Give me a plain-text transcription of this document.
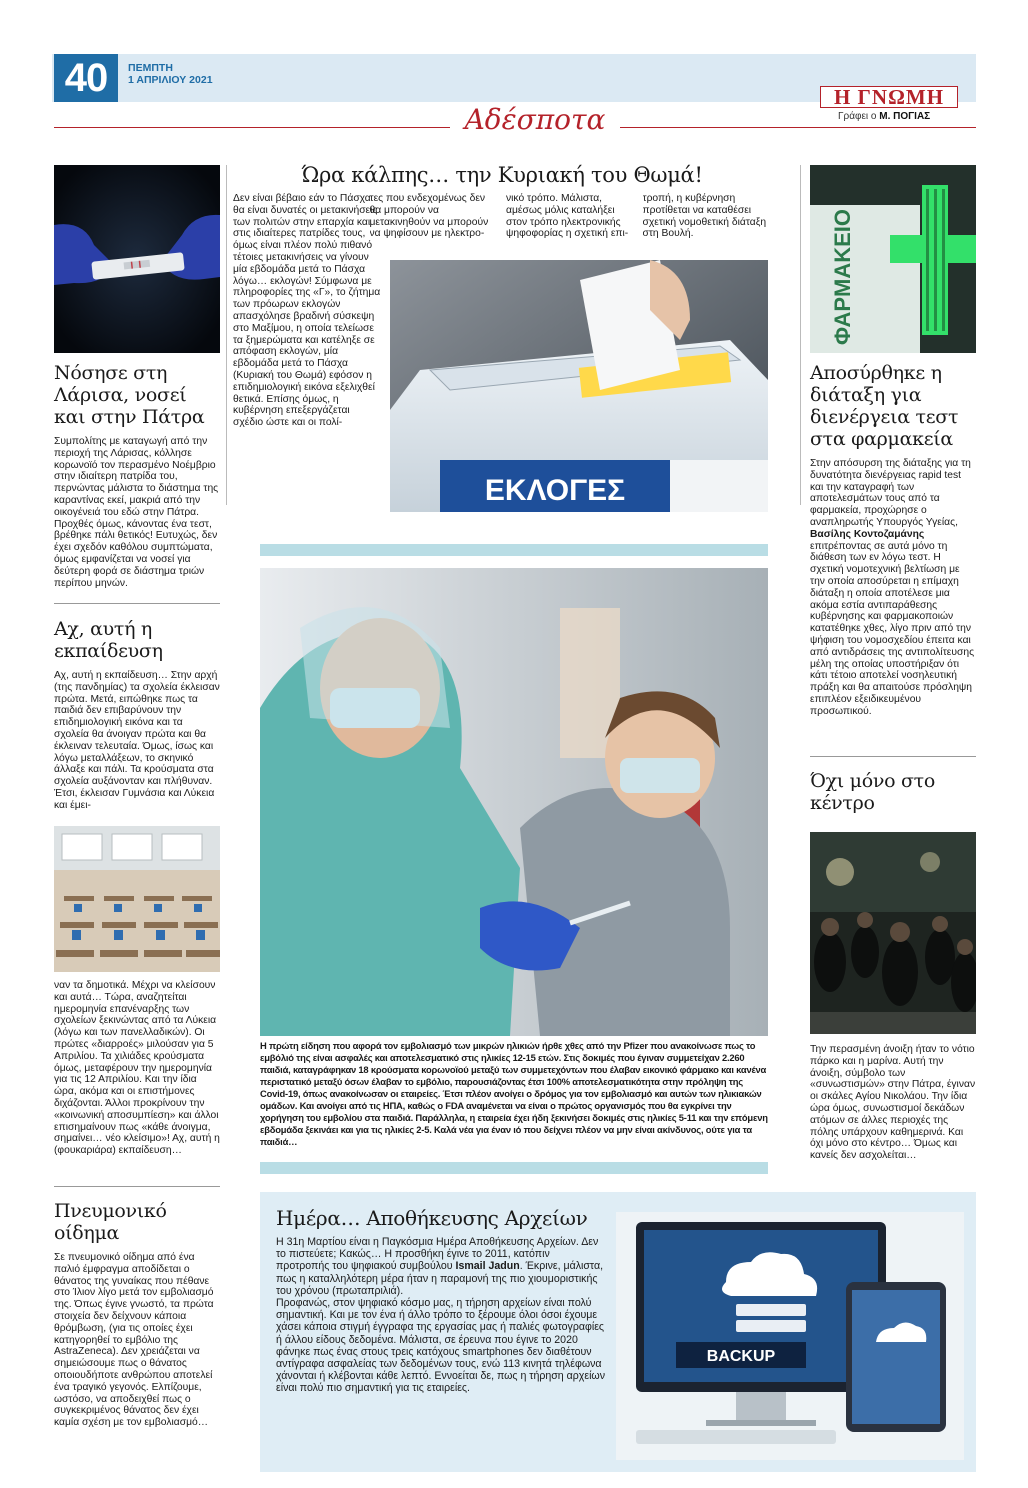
40	ΠΕΜΠΤΗ
1 ΑΠΡΙΛΙΟΥ 2021
Η ΓΝΩΜΗ
Γράφει ο Μ. ΠΟΓΙΑΣ
Αδέσποτα
Νόσησε στη Λάρισα, νοσεί και στην Πάτρα

Συμπολίτης με καταγωγή από την περιοχή της Λάρισας, κόλλησε κορωνοϊό τον περασμένο Νοέμβριο στην ιδιαίτερη πατρίδα του, περνώντας μάλιστα το διάστημα της καραντίνας εκεί, μακριά από την οικογένειά του εδώ στην Πάτρα. Προχθές όμως, κάνοντας ένα τεστ, βρέθηκε πάλι θετικός! Ευτυχώς, δεν έχει σχεδόν καθόλου συμπτώματα, όμως εμφανίζεται να νοσεί για δεύτερη φορά σε διάστημα τριών περίπου μηνών.

Αχ, αυτή η εκπαίδευση

Αχ, αυτή η εκπαίδευση… Στην αρχή (της πανδημίας) τα σχολεία έκλεισαν πρώτα. Μετά, ειπώθηκε πως τα παιδιά δεν επιβαρύνουν την επιδημιολογική εικόνα και τα σχολεία θα άνοιγαν πρώτα και θα έκλειναν τελευταία. Όμως, ίσως και λόγω μεταλλάξεων, το σκηνικό άλλαξε και πάλι. Τα κρούσματα στα σχολεία αυξάνονταν και πλήθυναν. Έτσι, έκλεισαν Γυμνάσια και Λύκεια και έμει-

ναν τα δημοτικά. Μέχρι να κλείσουν και αυτά… Τώρα, αναζητείται ημερομηνία επανέναρξης των σχολείων ξεκινώντας από τα Λύκεια (λόγω και των πανελλαδικών). Οι πρώτες «διαρροές» μιλούσαν για 5 Απριλίου. Τα χιλιάδες κρούσματα όμως, μεταφέρουν την ημερομηνία για τις 12 Απριλίου. Και την ίδια ώρα, ακόμα και οι επιστήμονες διχάζονται. Άλλοι προκρίνουν την «κοινωνική αποσυμπίεση» και άλλοι επισημαίνουν πως «κάθε άνοιγμα, σημαίνει… νέο κλείσιμο»! Αχ, αυτή η (φουκαριάρα) εκπαίδευση…

Πνευμονικό οίδημα

Σε πνευμονικό οίδημα από ένα παλιό έμφραγμα αποδίδεται ο θάνατος της γυναίκας που πέθανε στο Ίλιον λίγο μετά τον εμβολιασμό της. Όπως έγινε γνωστό, τα πρώτα στοιχεία δεν δείχνουν κάποια θρόμβωση, (για τις οποίες έχει κατηγορηθεί το εμβόλιο της AstraZeneca). Δεν χρειάζεται να σημειώσουμε πως ο θάνατος οποιουδήποτε ανθρώπου αποτελεί ένα τραγικό γεγονός. Ελπίζουμε, ωστόσο, να αποδειχθεί πως ο συγκεκριμένος θάνατος δεν έχει καμία σχέση με τον εμβολιασμό…

Ώρα κάλπης… την Κυριακή του Θωμά!

τες που ενδεχομένως δεν θα μπορούν να μετακινηθούν να μπορούν να ψηφίσουν με ηλεκτρο-

νικό τρόπο. Μάλιστα, αμέσως μόλις καταλήξει στον τρόπο ηλεκτρονικής ψηφοφορίας η σχετική επι-

τροπή, η κυβέρνηση προτίθεται να καταθέσει σχετική νομοθετική διάταξη στη Βουλή.

Δεν είναι βέβαιο εάν το Πάσχα θα είναι δυνατές οι μετακινήσεις των πολιτών στην επαρχία και στις ιδιαίτερες πατρίδες τους, όμως είναι πλέον πολύ πιθανό τέτοιες μετακινήσεις να γίνουν μία εβδομάδα μετά το Πάσχα λόγω… εκλογών! Σύμφωνα με πληροφορίες της «Γ», το ζήτημα των πρόωρων εκλογών απασχόλησε βραδινή σύσκεψη στο Μαξίμου, η οποία τελείωσε τα ξημερώματα και κατέληξε σε απόφαση εκλογών, μία εβδομάδα μετά το Πάσχα (Κυριακή του Θωμά) εφόσον η επιδημιολογική εικόνα εξελιχθεί θετικά. Επίσης όμως, η κυβέρνηση επεξεργάζεται σχέδιο ώστε και οι πολί-

ΕΚΛΟΓΕΣ

Η πρώτη είδηση που αφορά τον εμβολιασμό των μικρών ηλικιών ήρθε χθες από την Pfizer που ανακοίνωσε πως το εμβόλιό της είναι ασφαλές και αποτελεσματικό στις ηλικίες 12-15 ετών. Στις δοκιμές που έγιναν συμμετείχαν 2.260 παιδιά, καταγράφηκαν 18 κρούσματα κορωνοϊού μεταξύ των συμμετεχόντων που έλαβαν εικονικό φάρμακο και κανένα περιστατικό μεταξύ όσων έλαβαν το εμβόλιο, παρουσιάζοντας έτσι 100% αποτελεσματικότητα στην πρόληψη της Covid-19, όπως ανακοίνωσαν οι εταιρείες. Έτσι πλέον ανοίγει ο δρόμος για τον εμβολιασμό και αυτών των ηλικιακών ομάδων. Και ανοίγει από τις ΗΠΑ, καθώς ο FDA αναμένεται να είναι ο πρώτος οργανισμός που θα εγκρίνει την χορήγηση του εμβολίου στα παιδιά. Παράλληλα, η εταιρεία έχει ήδη ξεκινήσει δοκιμές στις ηλικίες 5-11 και την επόμενη εβδομάδα ξεκινάει και για τις ηλικίες 2-5. Καλά νέα για έναν ιό που δείχνει πλέον να μην είναι ακίνδυνος, ούτε για τα παιδιά…

ΦΑΡΜΑΚΕΙΟ
Αποσύρθηκε η διάταξη για διενέργεια τεστ στα φαρμακεία

Στην απόσυρση της διάταξης για τη δυνατότητα διενέργειας rapid test και την καταγραφή των αποτελεσμάτων τους από τα φαρμακεία, προχώρησε ο αναπληρωτής Υπουργός Υγείας, Βασίλης Κοντοζαμάνης επιτρέποντας σε αυτά μόνο τη διάθεση των εν λόγω τεστ. Η σχετική νομοτεχνική βελτίωση με την οποία αποσύρεται η επίμαχη διάταξη η οποία αποτέλεσε μια ακόμα εστία αντιπαράθεσης κυβέρνησης και φαρμακοποιών κατατέθηκε χθες, λίγο πριν από την ψήφιση του νομοσχεδίου έπειτα και από αντιδράσεις της αντιπολίτευσης μέλη της οποίας υποστήριξαν ότι κάτι τέτοιο αποτελεί νοσηλευτική πράξη και θα απαιτούσε πρόσληψη επιπλέον εξειδικευμένου προσωπικού.

Όχι μόνο στο κέντρο

Την περασμένη άνοιξη ήταν το νότιο πάρκο και η μαρίνα. Αυτή την άνοιξη, σύμβολο των «συνωστισμών» στην Πάτρα, έγιναν οι σκάλες Αγίου Νικολάου. Την ίδια ώρα όμως, συνωστισμοί δεκάδων ατόμων σε άλλες περιοχές της πόλης υπάρχουν καθημερινά. Και όχι μόνο στο κέντρο… Όμως και κανείς δεν ασχολείται…

Ημέρα… Αποθήκευσης Αρχείων

Η 31η Μαρτίου είναι η Παγκόσμια Ημέρα Αποθήκευσης Αρχείων. Δεν το πιστεύετε; Κακώς… Η προσθήκη έγινε το 2011, κατόπιν προτροπής του ψηφιακού συμβούλου Ismail Jadun. Έκρινε, μάλιστα, πως η καταλληλότερη μέρα ήταν η παραμονή της πιο χιουμοριστικής του χρόνου (πρωταπριλιά).

Προφανώς, στον ψηφιακό κόσμο μας, η τήρηση αρχείων είναι πολύ σημαντική. Και με τον ένα ή άλλο τρόπο το ξέρουμε όλοι όσοι έχουμε χάσει κάποια στιγμή έγγραφα της εργασίας μας ή παλιές φωτογραφίες ή άλλου είδους δεδομένα. Μάλιστα, σε έρευνα που έγινε το 2020 φάνηκε πως ένας στους τρεις κατόχους smartphones δεν διαθέτουν αντίγραφα ασφαλείας των δεδομένων τους, ενώ 113 κινητά τηλέφωνα χάνονται ή κλέβονται κάθε λεπτό. Εννοείται δε, πως η τήρηση αρχείων είναι πολύ πιο σημαντική για τις εταιρείες.

BACKUP
